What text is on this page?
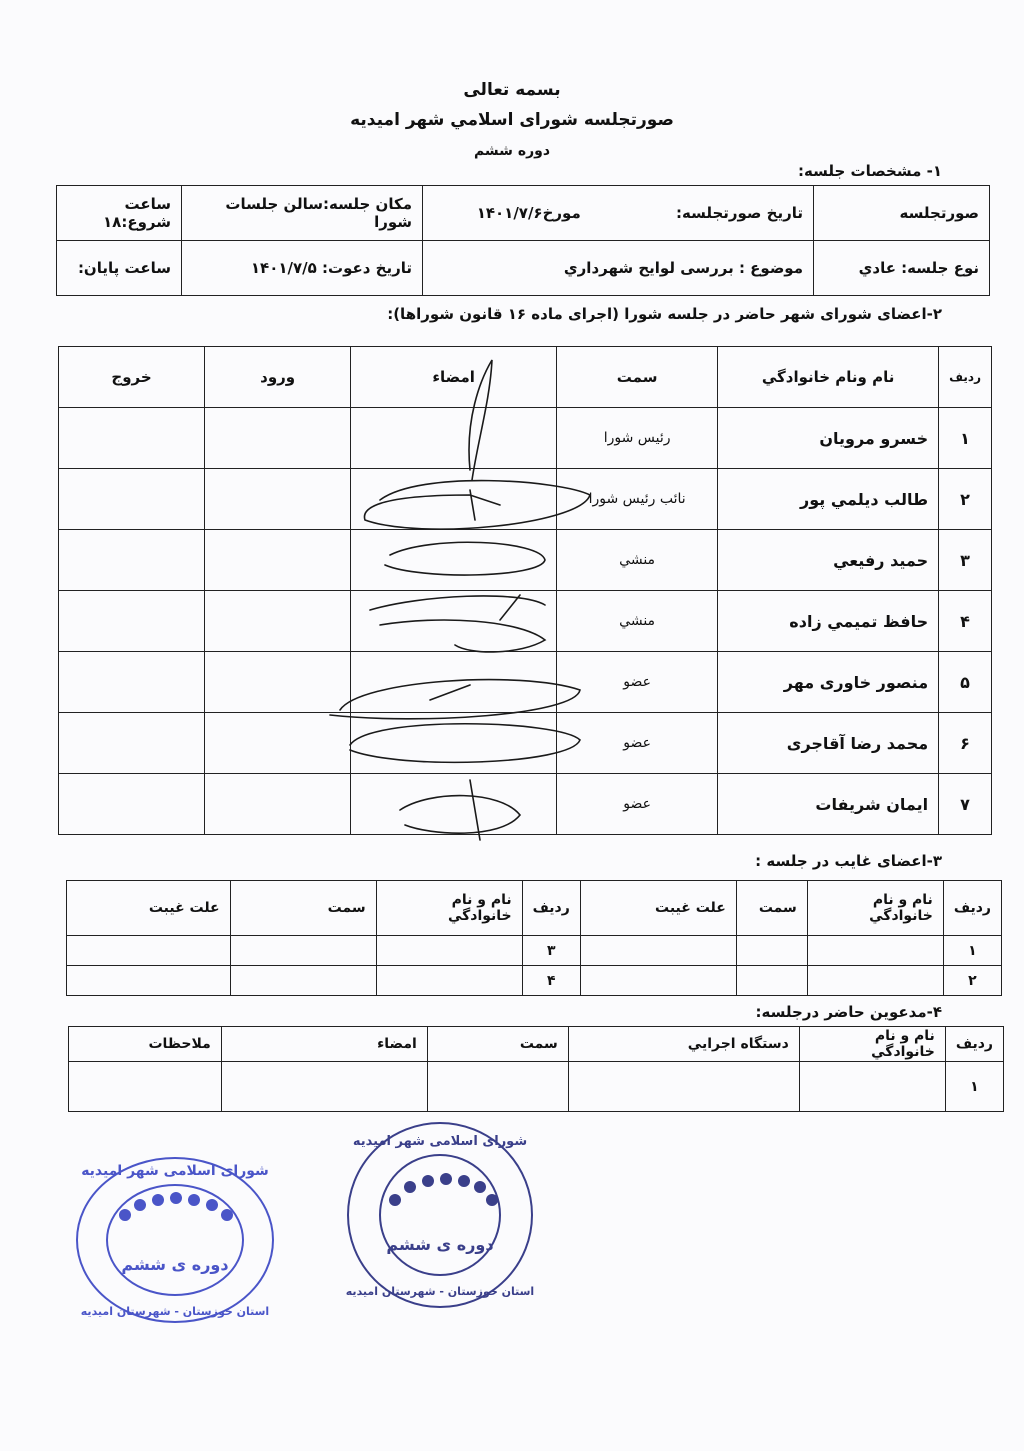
بسمه تعالی
صورتجلسه شورای اسلامي شهر اميديه
دوره ششم
۱- مشخصات جلسه:
صورتجلسه	تاريخ صورتجلسه: مورخ۱۴۰۱/۷/۶	مكان جلسه:سالن جلسات شورا	ساعت شروع:۱۸
نوع جلسه: عادي	موضوع : بررسی لوايح شهرداري	تاريخ دعوت: ۱۴۰۱/۷/۵	ساعت پايان:
۲-اعضای شورای شهر حاضر در جلسه شورا (اجرای ماده ۱۶ قانون شوراها):
رديف	نام ونام خانوادگي	سمت	امضاء	ورود	خروج
۱	خسرو مرويان	رئيس شورا			
۲	طالب ديلمي پور	نائب رئيس شورا			
۳	حميد رفيعي	منشي			
۴	حافظ تميمي زاده	منشي			
۵	منصور خاوری مهر	عضو			
۶	محمد رضا آقاجری	عضو			
۷	ايمان شريفات	عضو			
۳-اعضای غايب در جلسه :
رديف	نام و نام خانوادگي	سمت	علت غيبت	رديف	نام و نام خانوادگي	سمت	علت غيبت
۱				۳			
۲				۴			
۴-مدعوين حاضر درجلسه:
رديف	نام و نام خانوادگي	دستگاه اجرايي	سمت	امضاء	ملاحظات
۱					
شورای اسلامی شهر امیدیه
دوره ی ششم
استان خوزستان - شهرستان امیدیه
شورای اسلامی شهر امیدیه
دوره ی ششم
استان خوزستان - شهرستان امیدیه
